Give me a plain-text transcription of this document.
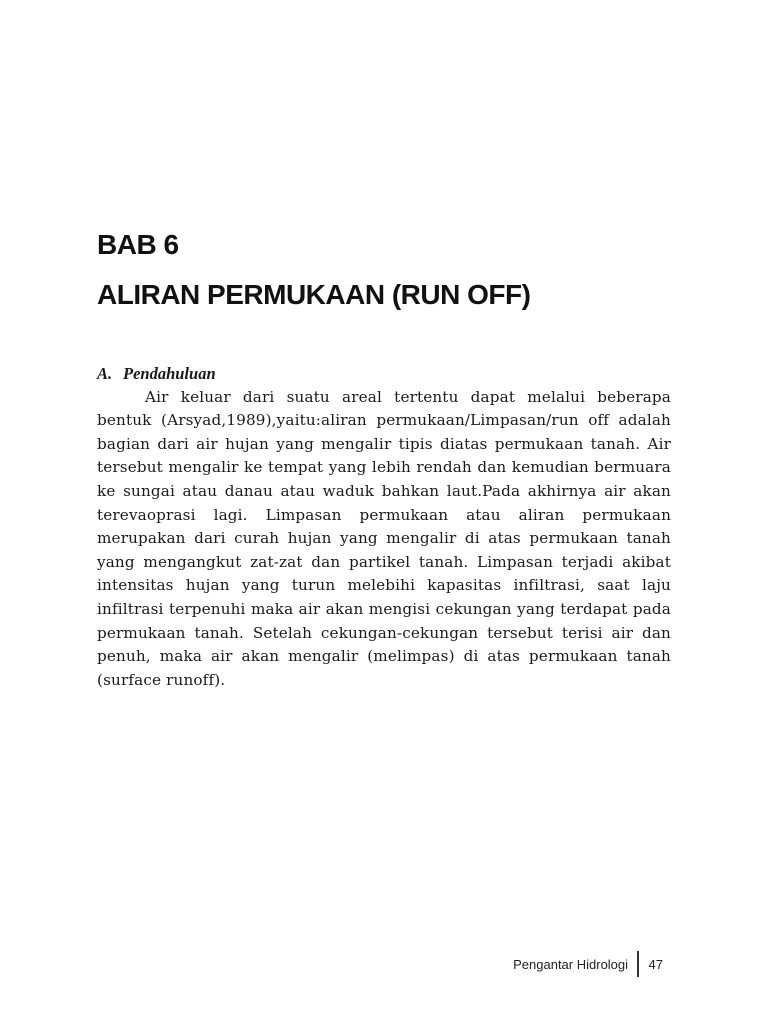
BAB 6
ALIRAN PERMUKAAN (RUN OFF)
A. Pendahuluan

Air keluar dari suatu areal tertentu dapat melalui beberapa bentuk (Arsyad,1989),yaitu:aliran permukaan/Limpasan/run off adalah bagian dari air hujan yang mengalir tipis diatas permukaan tanah. Air tersebut mengalir ke tempat yang lebih rendah dan kemudian bermuara ke sungai atau danau atau waduk bahkan laut.Pada akhirnya air akan terevaoprasi lagi. Limpasan permukaan atau aliran permukaan merupakan dari curah hujan yang mengalir di atas permukaan tanah yang mengangkut zat-zat dan partikel tanah. Limpasan terjadi akibat intensitas hujan yang turun melebihi kapasitas infiltrasi, saat laju infiltrasi terpenuhi maka air akan mengisi cekungan yang terdapat pada permukaan tanah. Setelah cekungan-cekungan tersebut terisi air dan penuh, maka air akan mengalir (melimpas) di atas permukaan tanah (surface runoff).

Pengantar Hidrologi 47
